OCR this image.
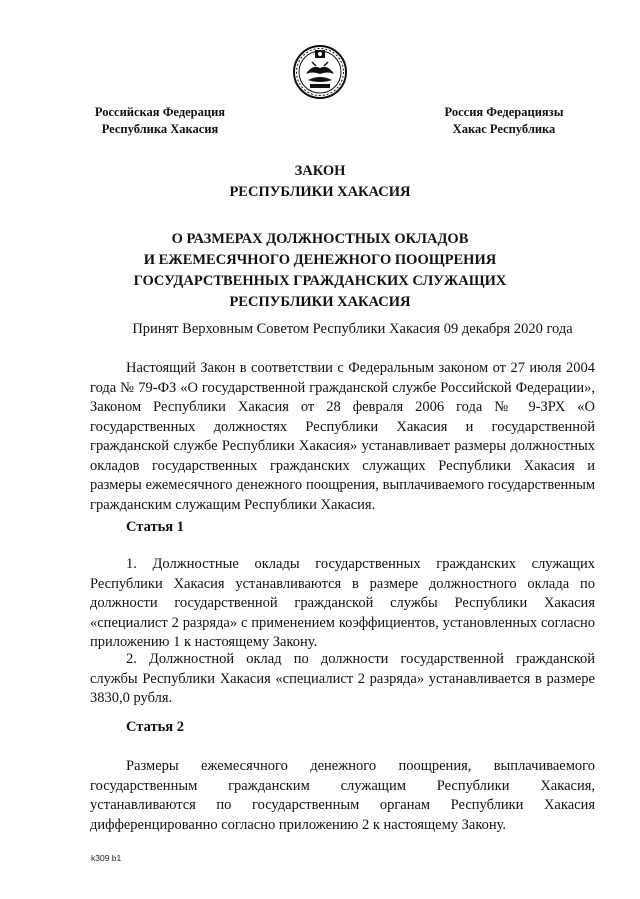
Российская Федерация
Республика Хакасия
Россия Федерациязы
Хакас Республика
ЗАКОН
РЕСПУБЛИКИ ХАКАСИЯ
О РАЗМЕРАХ ДОЛЖНОСТНЫХ ОКЛАДОВ
И ЕЖЕМЕСЯЧНОГО ДЕНЕЖНОГО ПООЩРЕНИЯ
ГОСУДАРСТВЕННЫХ ГРАЖДАНСКИХ СЛУЖАЩИХ
РЕСПУБЛИКИ ХАКАСИЯ
Принят Верховным Советом Республики Хакасия 09 декабря 2020 года

Настоящий Закон в соответствии с Федеральным законом от 27 июля 2004 года № 79-ФЗ «О государственной гражданской службе Российской Федерации», Законом Республики Хакасия от 28 февраля 2006 года № 9-ЗРХ «О государственных должностях Республики Хакасия и государственной гражданской службе Республики Хакасия» устанавливает размеры должностных окладов государственных гражданских служащих Республики Хакасия и размеры ежемесячного денежного поощрения, выплачиваемого государственным гражданским служащим Республики Хакасия.

Статья 1

1. Должностные оклады государственных гражданских служащих Республики Хакасия устанавливаются в размере должностного оклада по должности государственной гражданской службы Республики Хакасия «специалист 2 разряда» с применением коэффициентов, установленных согласно приложению 1 к настоящему Закону.

2. Должностной оклад по должности государственной гражданской службы Республики Хакасия «специалист 2 разряда» устанавливается в размере 3830,0 рубля.

Статья 2

Размеры ежемесячного денежного поощрения, выплачиваемого государственным гражданским служащим Республики Хакасия, устанавливаются по государственным органам Республики Хакасия дифференцированно согласно приложению 2 к настоящему Закону.

k309 b1
